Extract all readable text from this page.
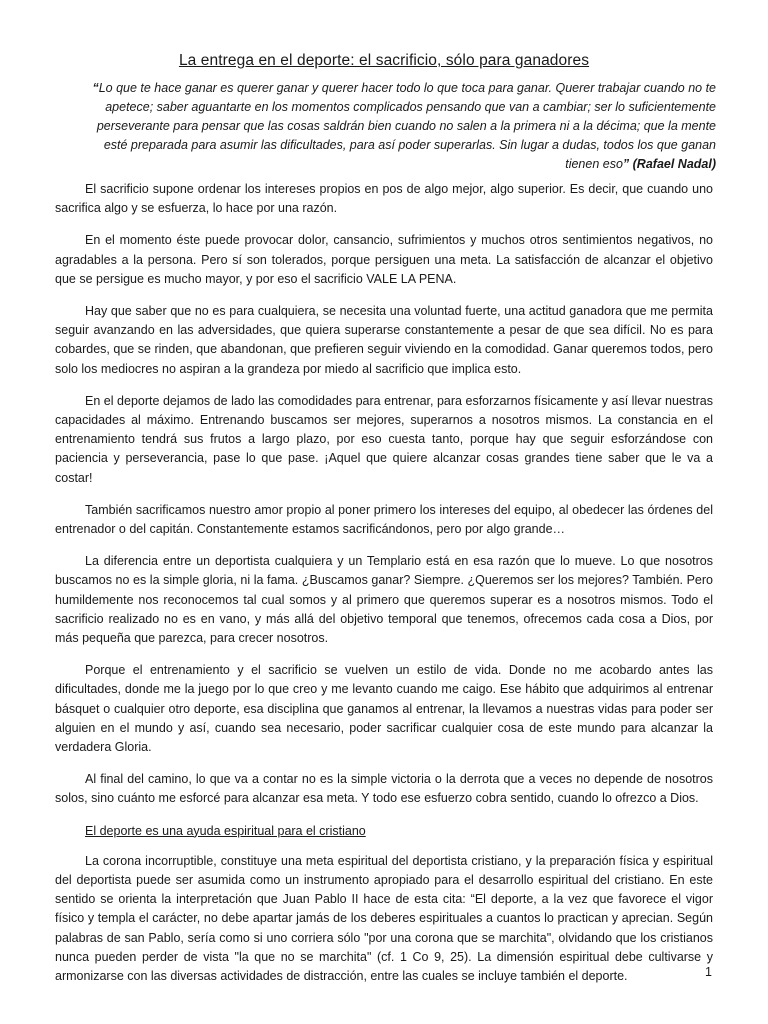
La entrega en el deporte: el sacrificio, sólo para ganadores

“Lo que te hace ganar es querer ganar y querer hacer todo lo que toca para ganar. Querer trabajar cuando no te apetece; saber aguantarte en los momentos complicados pensando que van a cambiar; ser lo suficientemente perseverante para pensar que las cosas saldrán bien cuando no salen a la primera ni a la décima; que la mente esté preparada para asumir las dificultades, para así poder superarlas. Sin lugar a dudas, todos los que ganan tienen eso” (Rafael Nadal)

El sacrificio supone ordenar los intereses propios en pos de algo mejor, algo superior. Es decir, que cuando uno sacrifica algo y se esfuerza, lo hace por una razón.

En el momento éste puede provocar dolor, cansancio, sufrimientos y muchos otros sentimientos negativos, no agradables a la persona. Pero sí son tolerados, porque persiguen una meta. La satisfacción de alcanzar el objetivo que se persigue es mucho mayor, y por eso el sacrificio VALE LA PENA.

Hay que saber que no es para cualquiera, se necesita una voluntad fuerte, una actitud ganadora que me permita seguir avanzando en las adversidades, que quiera superarse constantemente a pesar de que sea difícil. No es para cobardes, que se rinden, que abandonan, que prefieren seguir viviendo en la comodidad. Ganar queremos todos, pero solo los mediocres no aspiran a la grandeza por miedo al sacrificio que implica esto.

En el deporte dejamos de lado las comodidades para entrenar, para esforzarnos físicamente y así llevar nuestras capacidades al máximo. Entrenando buscamos ser mejores, superarnos a nosotros mismos. La constancia en el entrenamiento tendrá sus frutos a largo plazo, por eso cuesta tanto, porque hay que seguir esforzándose con paciencia y perseverancia, pase lo que pase. ¡Aquel que quiere alcanzar cosas grandes tiene saber que le va a costar!

También sacrificamos nuestro amor propio al poner primero los intereses del equipo, al obedecer las órdenes del entrenador o del capitán. Constantemente estamos sacrificándonos, pero por algo grande…

La diferencia entre un deportista cualquiera y un Templario está en esa razón que lo mueve. Lo que nosotros buscamos no es la simple gloria, ni la fama. ¿Buscamos ganar? Siempre. ¿Queremos ser los mejores? También. Pero humildemente nos reconocemos tal cual somos y al primero que queremos superar es a nosotros mismos. Todo el sacrificio realizado no es en vano, y más allá del objetivo temporal que tenemos, ofrecemos cada cosa a Dios, por más pequeña que parezca, para crecer nosotros.

Porque el entrenamiento y el sacrificio se vuelven un estilo de vida. Donde no me acobardo antes las dificultades, donde me la juego por lo que creo y me levanto cuando me caigo. Ese hábito que adquirimos al entrenar básquet o cualquier otro deporte, esa disciplina que ganamos al entrenar, la llevamos a nuestras vidas para poder ser alguien en el mundo y así, cuando sea necesario, poder sacrificar cualquier cosa de este mundo para alcanzar la verdadera Gloria.

Al final del camino, lo que va a contar no es la simple victoria o la derrota que a veces no depende de nosotros solos, sino cuánto me esforcé para alcanzar esa meta. Y todo ese esfuerzo cobra sentido, cuando lo ofrezco a Dios.

El deporte es una ayuda espiritual para el cristiano

La corona incorruptible, constituye una meta espiritual del deportista cristiano, y la preparación física y espiritual del deportista puede ser asumida como un instrumento apropiado para el desarrollo espiritual del cristiano. En este sentido se orienta la interpretación que Juan Pablo II hace de esta cita: “El deporte, a la vez que favorece el vigor físico y templa el carácter, no debe apartar jamás de los deberes espirituales a cuantos lo practican y aprecian. Según palabras de san Pablo, sería como si uno corriera sólo "por una corona que se marchita", olvidando que los cristianos nunca pueden perder de vista "la que no se marchita" (cf. 1 Co 9, 25). La dimensión espiritual debe cultivarse y armonizarse con las diversas actividades de distracción, entre las cuales se incluye también el deporte.	1
